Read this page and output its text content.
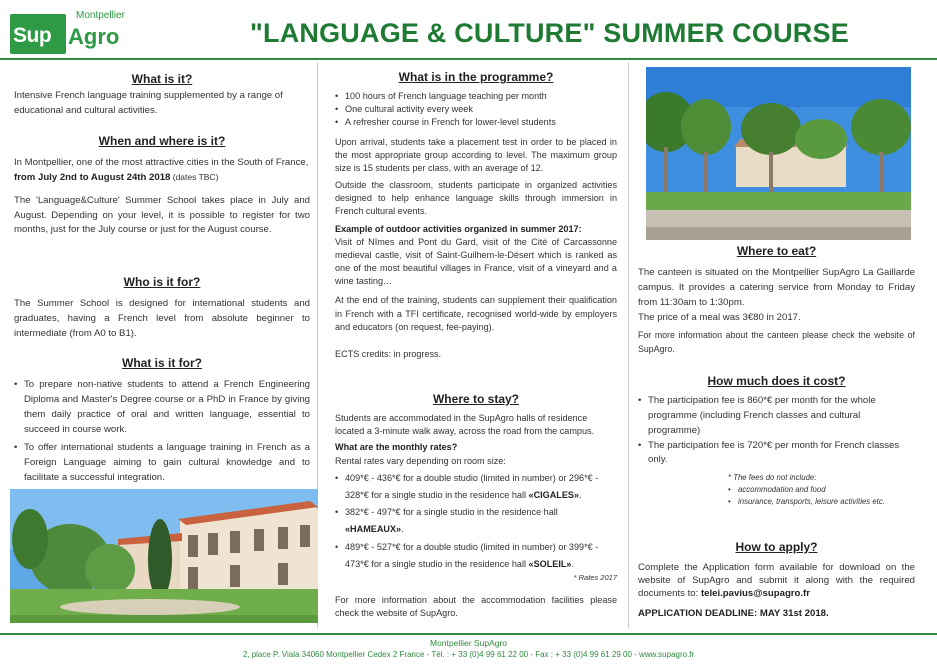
Montpellier
Sup Agro	"LANGUAGE & CULTURE" SUMMER COURSE
What is it?

Intensive French language training supplemented by a range of educational and cultural activities.

When and where is it?

In Montpellier, one of the most attractive cities in the South of France, from July 2nd to August 24th 2018 (dates TBC)

The 'Language&Culture' Summer School takes place in July and August. Depending on your level, it is possible to register for two months, just for the July course or just for the August course.

Who is it for?

The Summer School is designed for international students and graduates, having a French level from absolute beginner to intermediate (from A0 to B1).

What is it for?
• To prepare non-native students to attend a French Engineering Diploma and Master's Degree course or a PhD in France by giving them daily practice of oral and written language, essential to succeed in course work.
• To offer international students a language training in French as a Foreign Language aiming to gain cultural knowledge and to facilitate a successful integration.
What is in the programme?
• 100 hours of French language teaching per month
• One cultural activity every week
• A refresher course in French for lower-level students

Upon arrival, students take a placement test in order to be placed in the most appropriate group according to level. The maximum group size is 15 students per class, with an average of 12.

Outside the classroom, students participate in organized activities designed to help enhance language skills through immersion in French cultural events.

Example of outdoor activities organized in summer 2017:

Visit of Nîmes and Pont du Gard, visit of the Cité of Carcassonne medieval castle, visit of Saint-Guilhem-le-Désert which is ranked as one of the most beautiful villages in France, visit of a vineyard and a wine tasting…

At the end of the training, students can supplement their qualification in French with a TFI certificate, recognised world-wide by employers and educators (on request, fee-paying).

ECTS credits: in progress.

Where to stay?

Students are accommodated in the SupAgro halls of residence located a 3-minute walk away, across the road from the campus.

What are the monthly rates?

Rental rates vary depending on room size:

• 409*€ - 436*€ for a double studio (limited in number) or 296*€ - 328*€ for a single studio in the residence hall «CIGALES».
• 382*€ - 497*€ for a single studio in the residence hall «HAMEAUX».
• 489*€ - 527*€ for a double studio (limited in number) or 399*€ - 473*€ for a single studio in the residence hall «SOLEIL».

* Rates 2017

For more information about the accommodation facilities please check the website of SupAgro.

Where to eat?

The canteen is situated on the Montpellier SupAgro La Gaillarde campus. It provides a catering service from Monday to Friday from 11:30am to 1:30pm.

The price of a meal was 3€80 in 2017.

For more information about the canteen please check the website of SupAgro.

How much does it cost?
• The participation fee is 860*€ per month for the whole programme (including French classes and cultural programme)
• The participation fee is 720*€ per month for French classes only.

* The fees do not include:

• accommodation and food
• insurance, transports, leisure activities etc.
How to apply?

Complete the Application form available for download on the website of SupAgro and submit it along with the required documents to: telei.pavius@supagro.fr

APPLICATION DEADLINE: MAY 31st 2018.

Montpellier SupAgro
2, place P. Viala 34060 Montpellier Cedex 2 France - Tél. : + 33 (0)4 99 61 22 00 - Fax : + 33 (0)4 99 61 29 00 - www.supagro.fr
